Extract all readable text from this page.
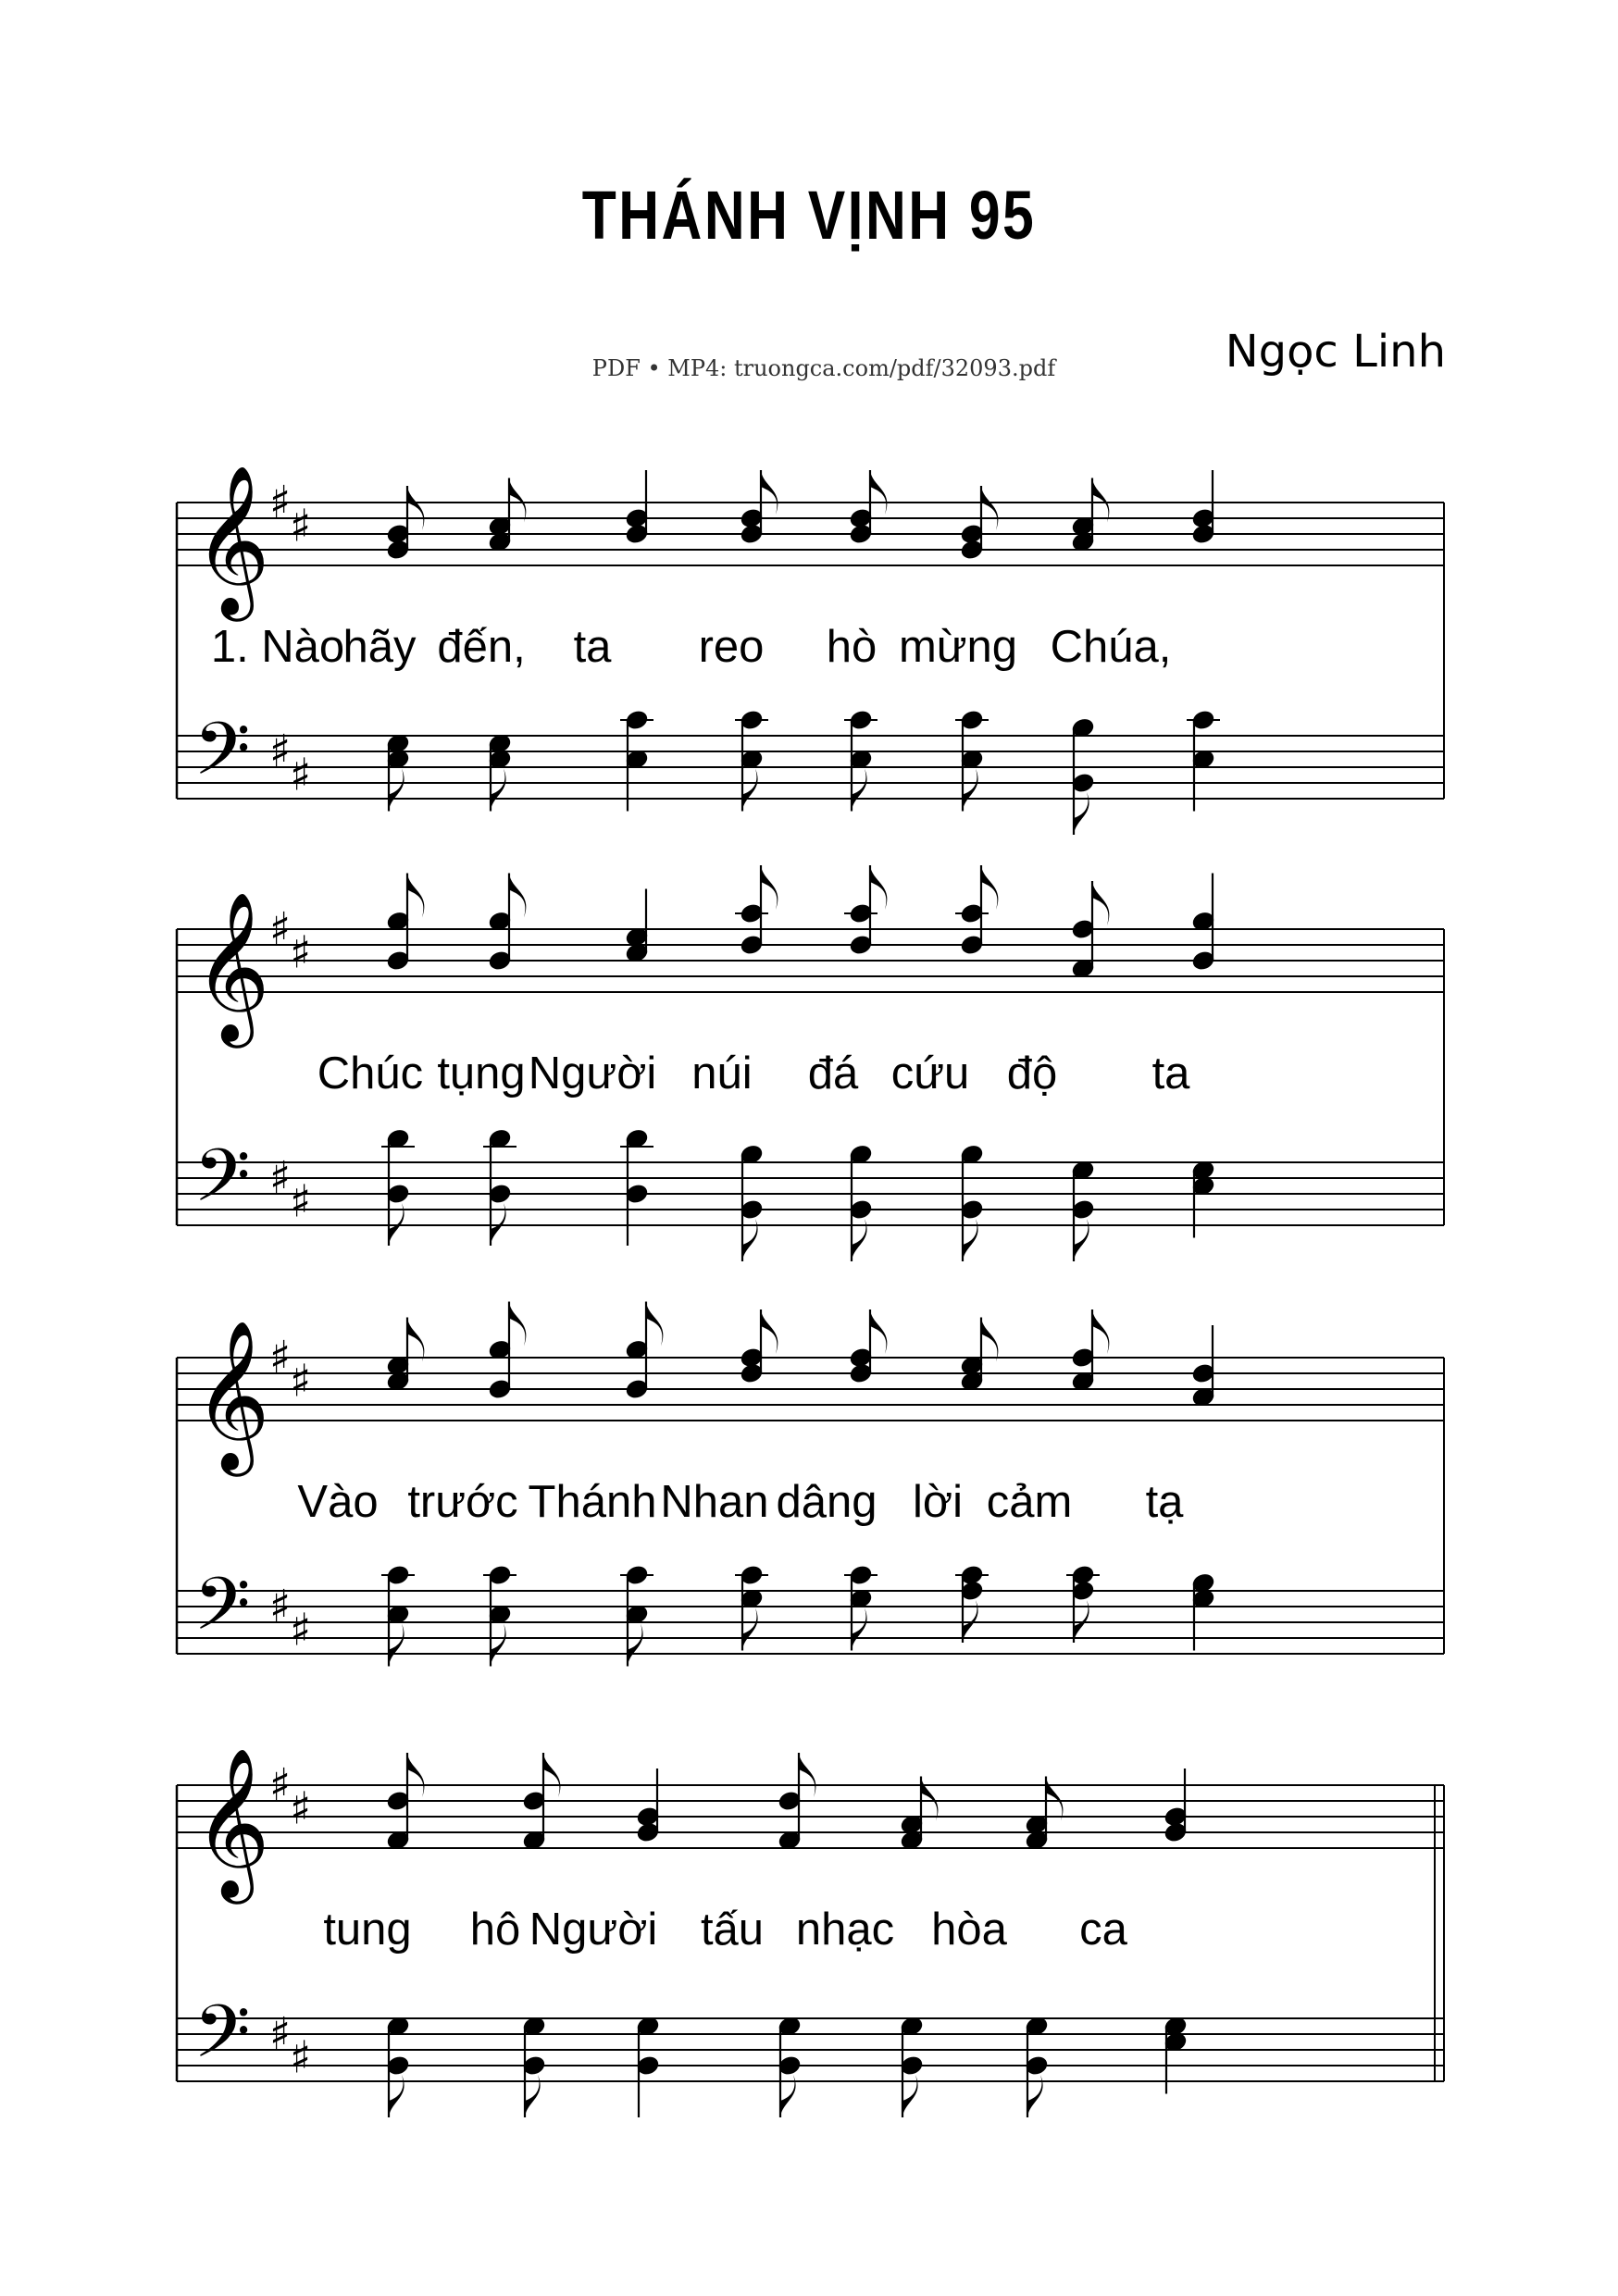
THÁNH VỊNH 95
PDF • MP4: truongca.com/pdf/32093.pdf	Ngọc Linh
𝄞 ♯
♯
𝄢 ♯
♯
1. Nào
hãy đến, ta reo hò mừng Chúa,
𝄞 ♯
♯
𝄢 ♯
♯
Chúc tụng Người núi đá cứu độ ta
𝄞 ♯
♯
𝄢 ♯
♯
Vào trước Thánh Nhan dâng lời cảm tạ
𝄞 ♯
♯
𝄢 ♯
♯
tung hô Người tấu nhạc hòa ca
